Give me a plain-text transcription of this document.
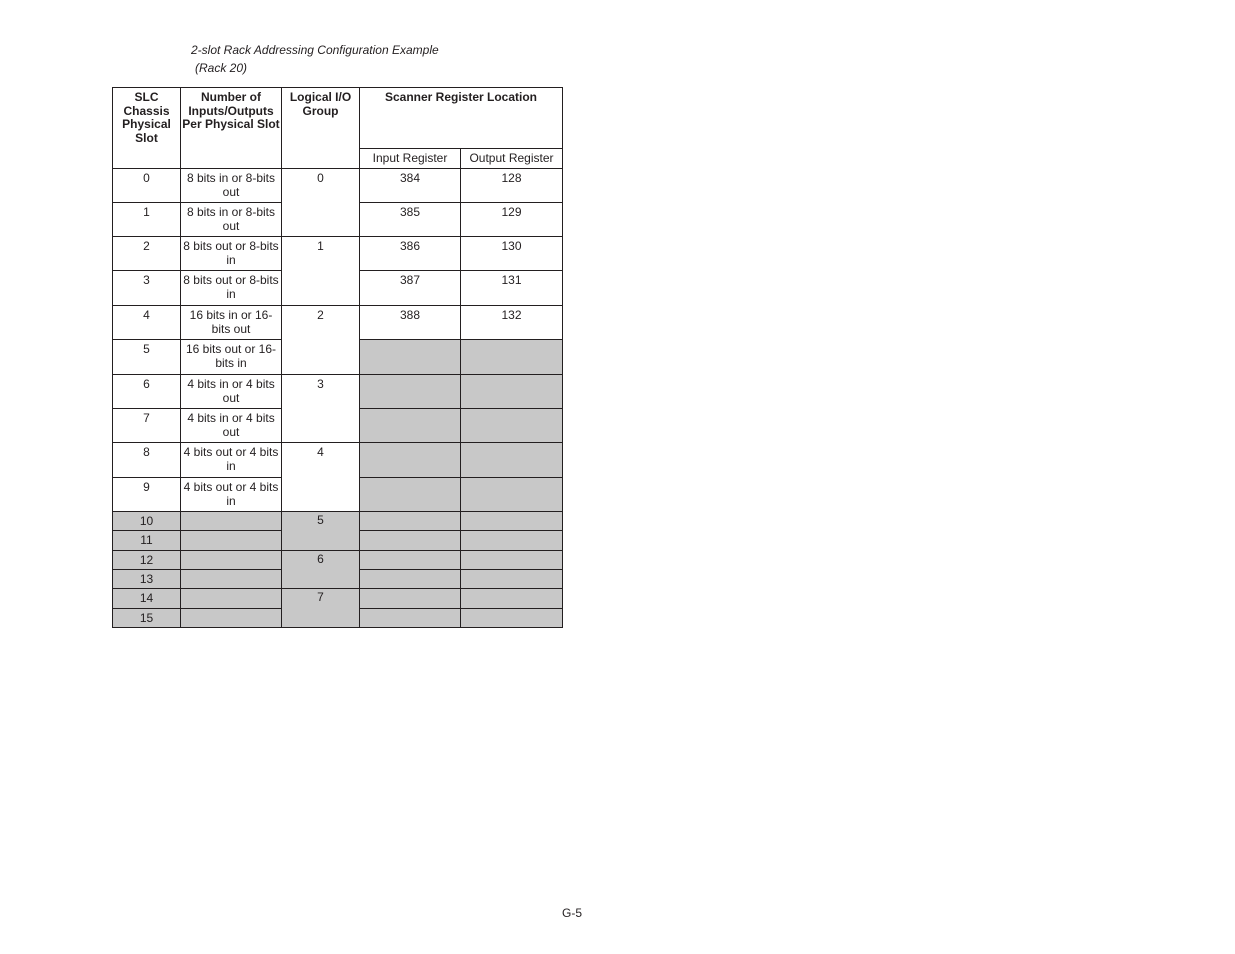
2-slot Rack Addressing Configuration Example
(Rack 20)
SLC Chassis Physical Slot	Number of Inputs/Outputs Per Physical Slot	Logical I/O Group	Scanner Register Location	
			Input Register	Output Register
0	8 bits in or 8-bits out	0	384	128
1	8 bits in or 8-bits out		385	129
2	8 bits out or 8-bits in	1	386	130
3	8 bits out or 8-bits in		387	131
4	16 bits in or 16-bits out	2	388	132
5	16 bits out or 16-bits in			
6	4 bits in or 4 bits out	3		
7	4 bits in or 4 bits out			
8	4 bits out or 4 bits in	4		
9	4 bits out or 4 bits in			
10		5		
11				
12		6		
13				
14		7		
15				
G-5
